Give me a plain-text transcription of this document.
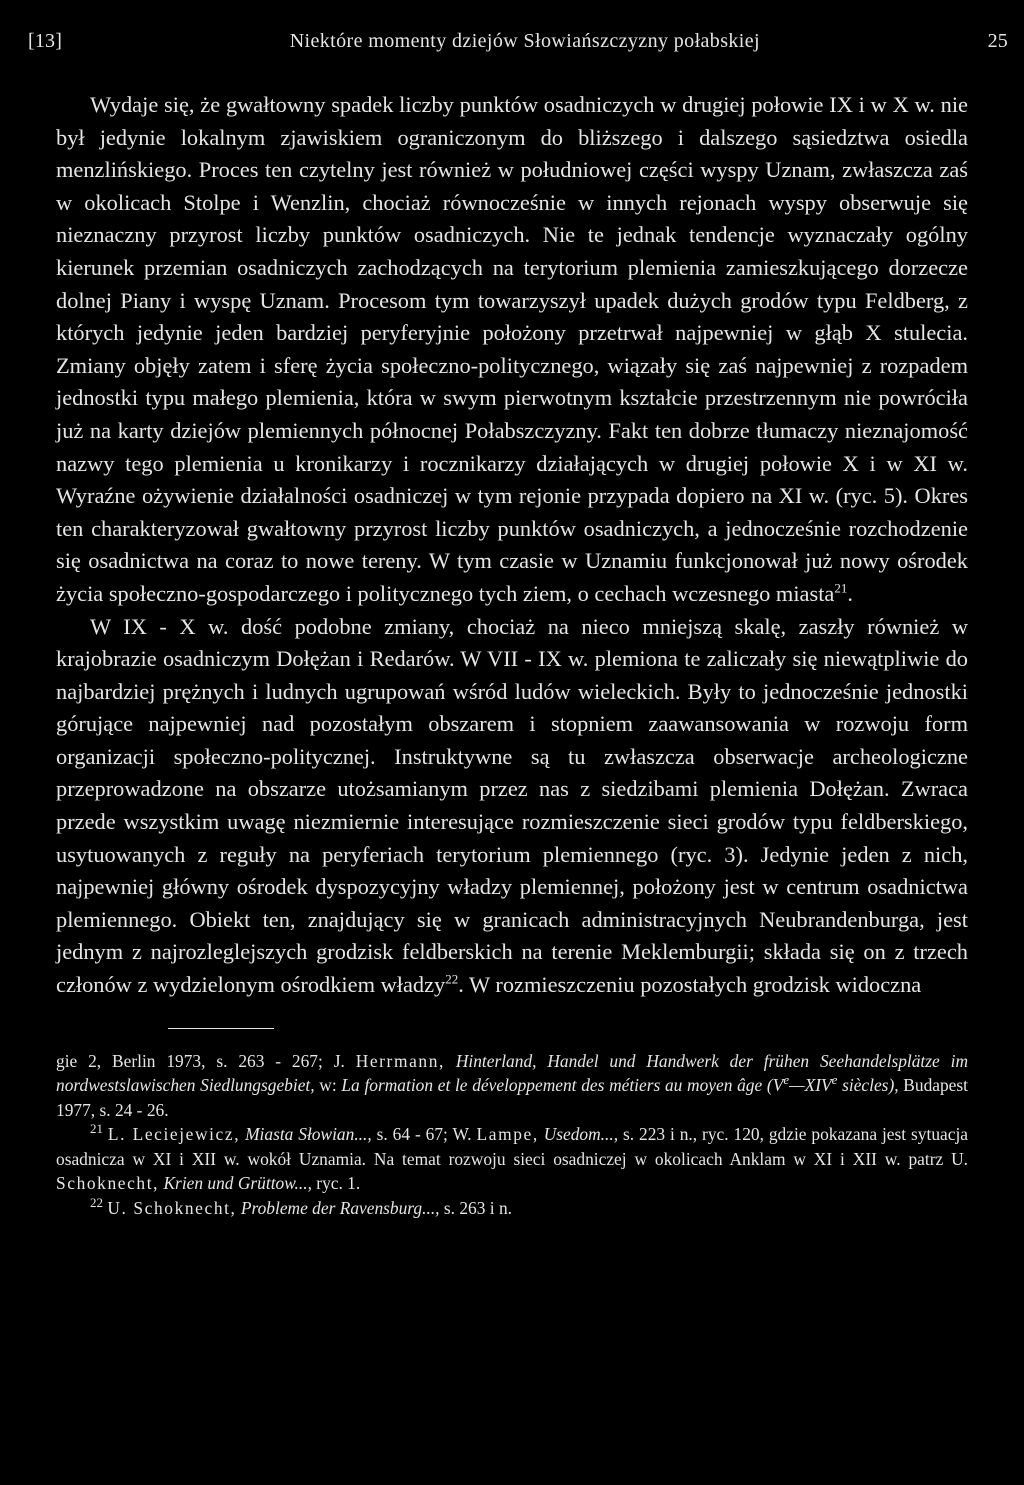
[13]	Niektóre momenty dziejów Słowiańszczyzny połabskiej	25

Wydaje się, że gwałtowny spadek liczby punktów osadniczych w drugiej połowie IX i w X w. nie był jedynie lokalnym zjawiskiem ograniczonym do bliższego i dalszego sąsiedztwa osiedla menzlińskiego. Proces ten czytelny jest również w południowej części wyspy Uznam, zwłaszcza zaś w okolicach Stolpe i Wenzlin, chociaż równocześnie w innych rejonach wyspy obserwuje się nieznaczny przyrost liczby punktów osadniczych. Nie te jednak tendencje wyznaczały ogólny kierunek przemian osadniczych zachodzących na terytorium plemienia zamieszkującego dorzecze dolnej Piany i wyspę Uznam. Procesom tym towarzyszył upadek dużych grodów typu Feldberg, z których jedynie jeden bardziej peryferyjnie położony przetrwał najpewniej w głąb X stulecia. Zmiany objęły zatem i sferę życia społeczno-politycznego, wiązały się zaś najpewniej z rozpadem jednostki typu małego plemienia, która w swym pierwotnym kształcie przestrzennym nie powróciła już na karty dziejów plemiennych północnej Połabszczyzny. Fakt ten dobrze tłumaczy nieznajomość nazwy tego plemienia u kronikarzy i rocznikarzy działających w drugiej połowie X i w XI w. Wyraźne ożywienie działalności osadniczej w tym rejonie przypada dopiero na XI w. (ryc. 5). Okres ten charakteryzował gwałtowny przyrost liczby punktów osadniczych, a jednocześnie rozchodzenie się osadnictwa na coraz to nowe tereny. W tym czasie w Uznamiu funkcjonował już nowy ośrodek życia społeczno-gospodarczego i politycznego tych ziem, o cechach wczesnego miasta$^{21}$.

W IX - X w. dość podobne zmiany, chociaż na nieco mniejszą skalę, zaszły również w krajobrazie osadniczym Dołężan i Redarów. W VII - IX w. plemiona te zaliczały się niewątpliwie do najbardziej prężnych i ludnych ugrupowań wśród ludów wieleckich. Były to jednocześnie jednostki górujące najpewniej nad pozostałym obszarem i stopniem zaawansowania w rozwoju form organizacji społeczno-politycznej. Instruktywne są tu zwłaszcza obserwacje archeologiczne przeprowadzone na obszarze utożsamianym przez nas z siedzibami plemienia Dołężan. Zwraca przede wszystkim uwagę niezmiernie interesujące rozmieszczenie sieci grodów typu feldberskiego, usytuowanych z reguły na peryferiach terytorium plemiennego (ryc. 3). Jedynie jeden z nich, najpewniej główny ośrodek dyspozycyjny władzy plemiennej, położony jest w centrum osadnictwa plemiennego. Obiekt ten, znajdujący się w granicach administracyjnych Neubrandenburga, jest jednym z najrozleglejszych grodzisk feldberskich na terenie Meklemburgii; składa się on z trzech członów z wydzielonym ośrodkiem władzy$^{22}$. W rozmieszczeniu pozostałych grodzisk widoczna

gie 2, Berlin 1973, s. 263 - 267; J. Herrmann, Hinterland, Handel und Handwerk der frühen Seehandelsplätze im nordwestslawischen Siedlungsgebiet, w: La formation et le développement des métiers au moyen âge (Ve—XIVe siècles), Budapest 1977, s. 24 - 26.

$^{21}$ L. Leciejewicz, Miasta Słowian..., s. 64 - 67; W. Lampe, Usedom..., s. 223 i n., ryc. 120, gdzie pokazana jest sytuacja osadnicza w XI i XII w. wokół Uznamia. Na temat rozwoju sieci osadniczej w okolicach Anklam w XI i XII w. patrz U. Schoknecht, Krien und Grüttow..., ryc. 1.

$^{22}$ U. Schoknecht, Probleme der Ravensburg..., s. 263 i n.
